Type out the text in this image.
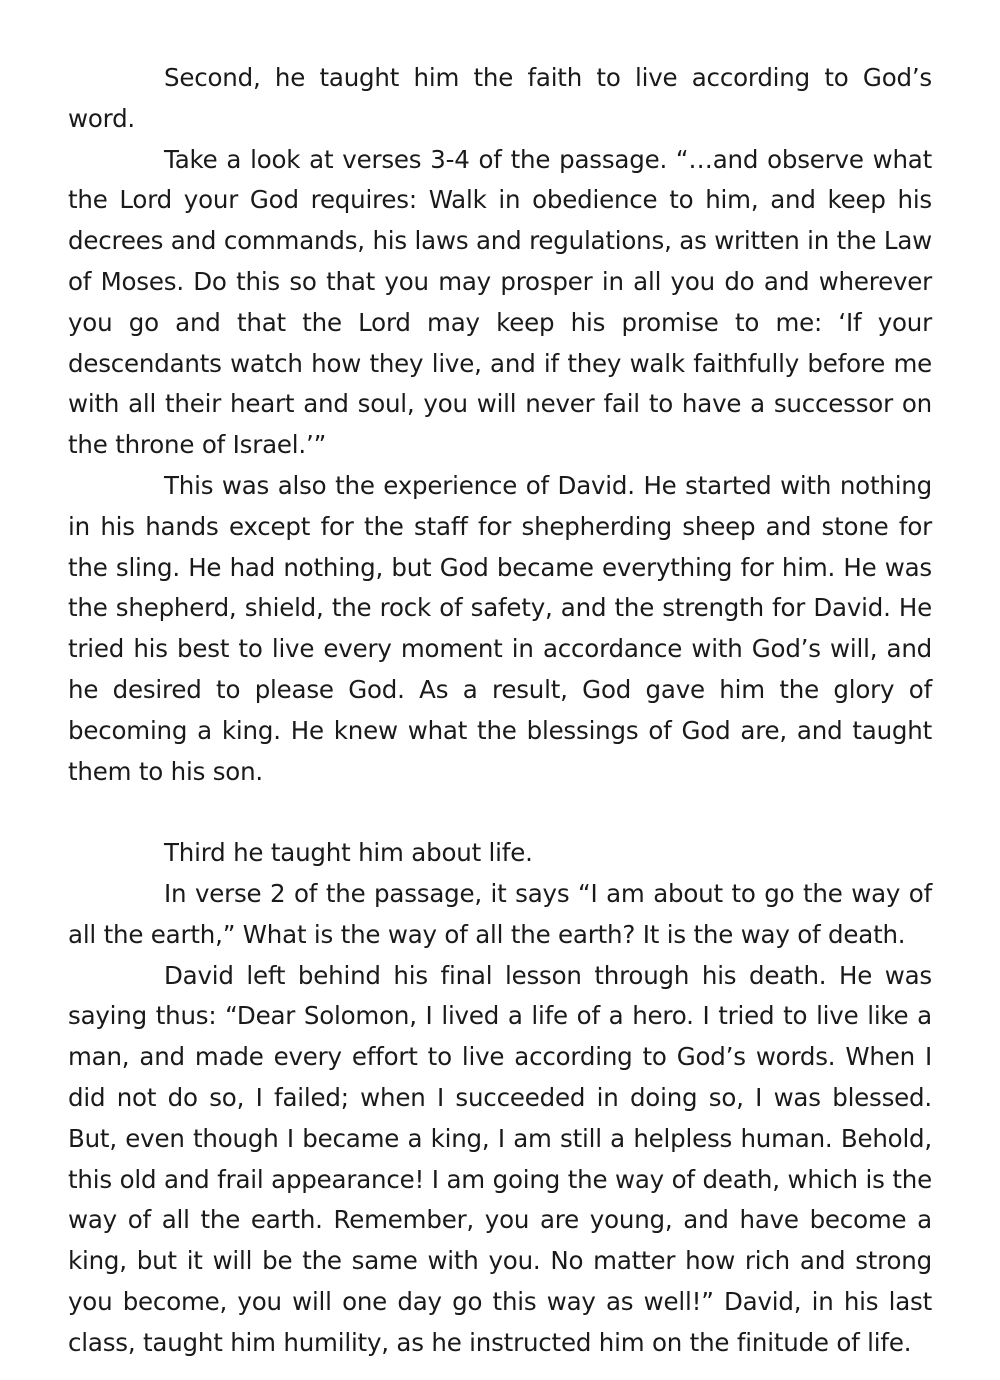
Second, he taught him the faith to live according to God’s word.

Take a look at verses 3-4 of the passage. “…and observe what the Lord your God requires: Walk in obedience to him, and keep his decrees and commands, his laws and regulations, as written in the Law of Moses. Do this so that you may prosper in all you do and wherever you go and that the Lord may keep his promise to me: ‘If your descendants watch how they live, and if they walk faithfully before me with all their heart and soul, you will never fail to have a successor on the throne of Israel.’”

This was also the experience of David. He started with nothing in his hands except for the staff for shepherding sheep and stone for the sling. He had nothing, but God became everything for him. He was the shepherd, shield, the rock of safety, and the strength for David. He tried his best to live every moment in accordance with God’s will, and he desired to please God. As a result, God gave him the glory of becoming a king. He knew what the blessings of God are, and taught them to his son.

Third he taught him about life.

In verse 2 of the passage, it says “I am about to go the way of all the earth,” What is the way of all the earth? It is the way of death.

David left behind his final lesson through his death. He was saying thus: “Dear Solomon, I lived a life of a hero. I tried to live like a man, and made every effort to live according to God’s words. When I did not do so, I failed; when I succeeded in doing so, I was blessed. But, even though I became a king, I am still a helpless human. Behold, this old and frail appearance! I am going the way of death, which is the way of all the earth. Remember, you are young, and have become a king, but it will be the same with you. No matter how rich and strong you become, you will one day go this way as well!” David, in his last class, taught him humility, as he instructed him on the finitude of life.
